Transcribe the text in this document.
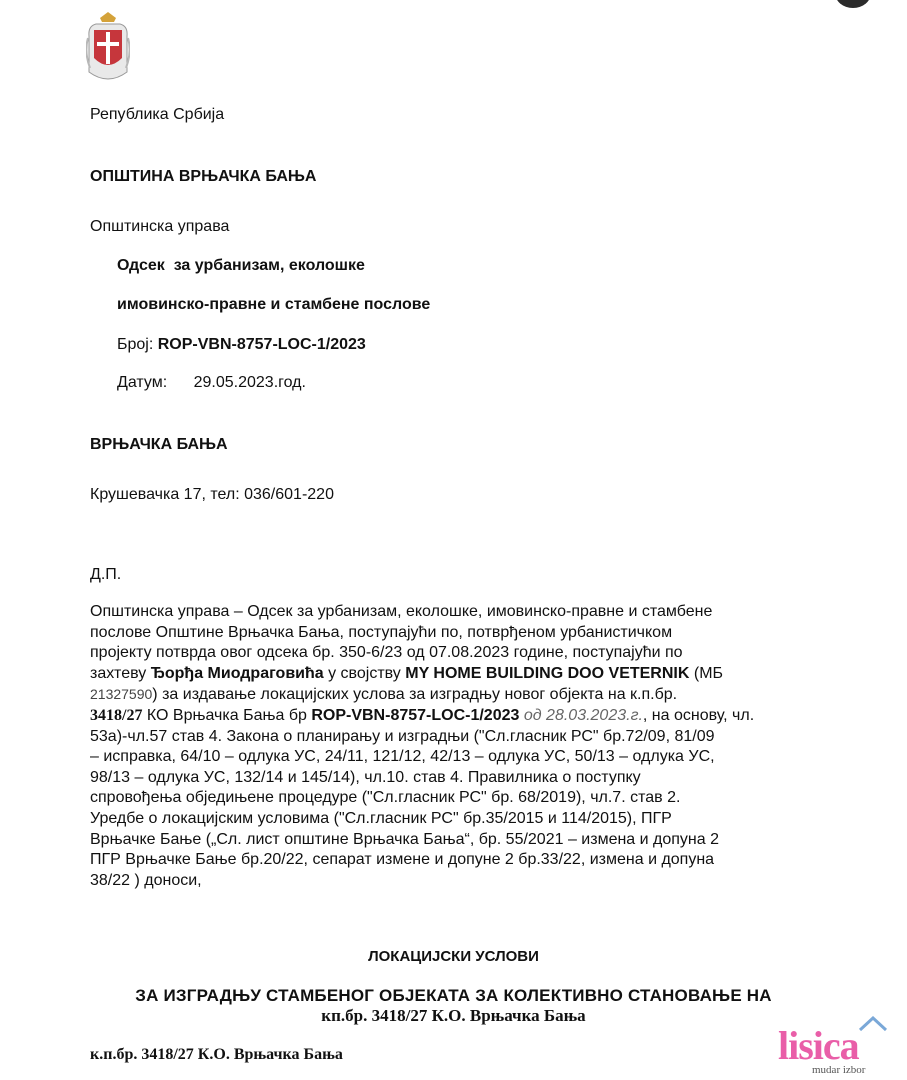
Република Србија
ОПШТИНА ВРЊАЧКА БАЊА
Општинска управа
Одсек  за урбанизам, еколошке
имовинско-правне и стамбене послове
Број: ROP-VBN-8757-LOC-1/2023
Датум: 29.05.2023.год.
ВРЊАЧКА БАЊА
Крушевачка 17, тел: 036/601-220
Д.П.
Општинска управа – Одсек за урбанизам, еколошке, имовинско-правне и стамбене
послове Општине Врњачка Бања, поступајући по, потврђеном урбанистичком
пројекту потврда овог одсека бр. 350-6/23 од 07.08.2023 године, поступајући по
захтеву Ђорђа Миодраговића у својству MY HOME BUILDING DOO VETERNIK (МБ
21327590) за издавање локацијских услова за изградњу новог објекта на к.п.бр.
3418/27 КО Врњачка Бања бр ROP-VBN-8757-LOC-1/2023 од 28.03.2023.г., на основу, чл.
53а)-чл.57 став 4. Закона о планирању и изградњи ("Сл.гласник РС" бр.72/09, 81/09
– исправка, 64/10 – одлука УС, 24/11, 121/12, 42/13 – одлука УС, 50/13 – одлука УС,
98/13 – одлука УС, 132/14 и 145/14), чл.10. став 4. Правилника о поступку
спровођења обједињене процедуре ("Сл.гласник РС" бр. 68/2019), чл.7. став 2.
Уредбе о локацијским условима ("Сл.гласник РС" бр.35/2015 и 114/2015), ПГР
Врњачке Бање („Сл. лист општине Врњачка Бања“, бр. 55/2021 – измена и допуна 2
ПГР Врњачке Бање бр.20/22, сепарат измене и допуне 2 бр.33/22, измена и допуна
38/22 ) доноси,
ЛОКАЦИЈСКИ УСЛОВИ
ЗА ИЗГРАДЊУ СТАМБЕНОГ ОБЈЕКАТА ЗА КОЛЕКТИВНО СТАНОВАЊЕ НА
кп.бр. 3418/27 К.О. Врњачка Бања
к.п.бр. 3418/27 К.О. Врњачка Бања	lisica
mudar izbor
